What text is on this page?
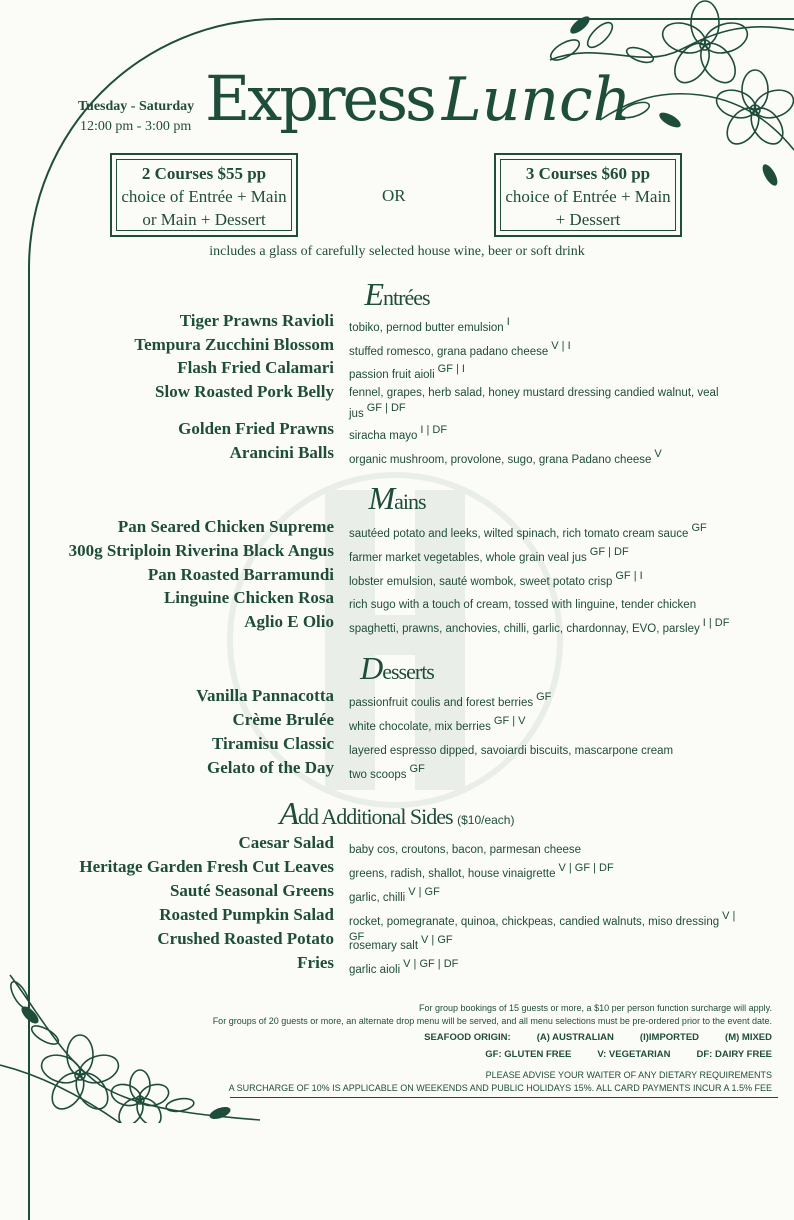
Tuesday - Saturday
12:00 pm - 3:00 pm Express Lunch
2 Courses $55 pp
choice of Entrée + Main
or Main + Dessert
OR
3 Courses $60 pp
choice of Entrée + Main
+ Dessert
includes a glass of carefully selected house wine, beer or soft drink
Entrées
Mains
Desserts
Add Additional Sides ($10/each)
Tiger Prawns Ravioli tobiko, pernod butter emulsion I
Tempura Zucchini Blossom stuffed romesco, grana padano cheese V | I
Flash Fried Calamari passion fruit aioli GF | I
Slow Roasted Pork Belly fennel, grapes, herb salad, honey mustard dressing candied walnut, veal jus GF | DF
Golden Fried Prawns siracha mayo I | DF
Arancini Balls organic mushroom, provolone, sugo, grana Padano cheese V
Pan Seared Chicken Supreme sautéed potato and leeks, wilted spinach, rich tomato cream sauce GF
300g Striploin Riverina Black Angus farmer market vegetables, whole grain veal jus GF | DF
Pan Roasted Barramundi lobster emulsion, sauté wombok, sweet potato crisp GF | I
Linguine Chicken Rosa rich sugo with a touch of cream, tossed with linguine, tender chicken
Aglio E Olio spaghetti, prawns, anchovies, chilli, garlic, chardonnay, EVO, parsley I | DF
Vanilla Pannacotta passionfruit coulis and forest berries GF
Crème Brulée white chocolate, mix berries GF | V
Tiramisu Classic layered espresso dipped, savoiardi biscuits, mascarpone cream
Gelato of the Day two scoops GF
Caesar Salad baby cos, croutons, bacon, parmesan cheese
Heritage Garden Fresh Cut Leaves greens, radish, shallot, house vinaigrette V | GF | DF
Sauté Seasonal Greens garlic, chilli V | GF
Roasted Pumpkin Salad rocket, pomegranate, quinoa, chickpeas, candied walnuts, miso dressing V | GF
Crushed Roasted Potato rosemary salt V | GF
Fries garlic aioli V | GF | DF
For group bookings of 15 guests or more, a $10 per person function surcharge will apply.
For groups of 20 guests or more, an alternate drop menu will be served, and all menu selections must be pre-ordered prior to the event date.
SEAFOOD ORIGIN:	(A) AUSTRALIAN	(I)IMPORTED	(M) MIXED
GF: GLUTEN FREE	V: VEGETARIAN	DF: DAIRY FREE
PLEASE ADVISE YOUR WAITER OF ANY DIETARY REQUIREMENTS
A SURCHARGE OF 10% IS APPLICABLE ON WEEKENDS AND PUBLIC HOLIDAYS 15%. ALL CARD PAYMENTS INCUR A 1.5% FEE
